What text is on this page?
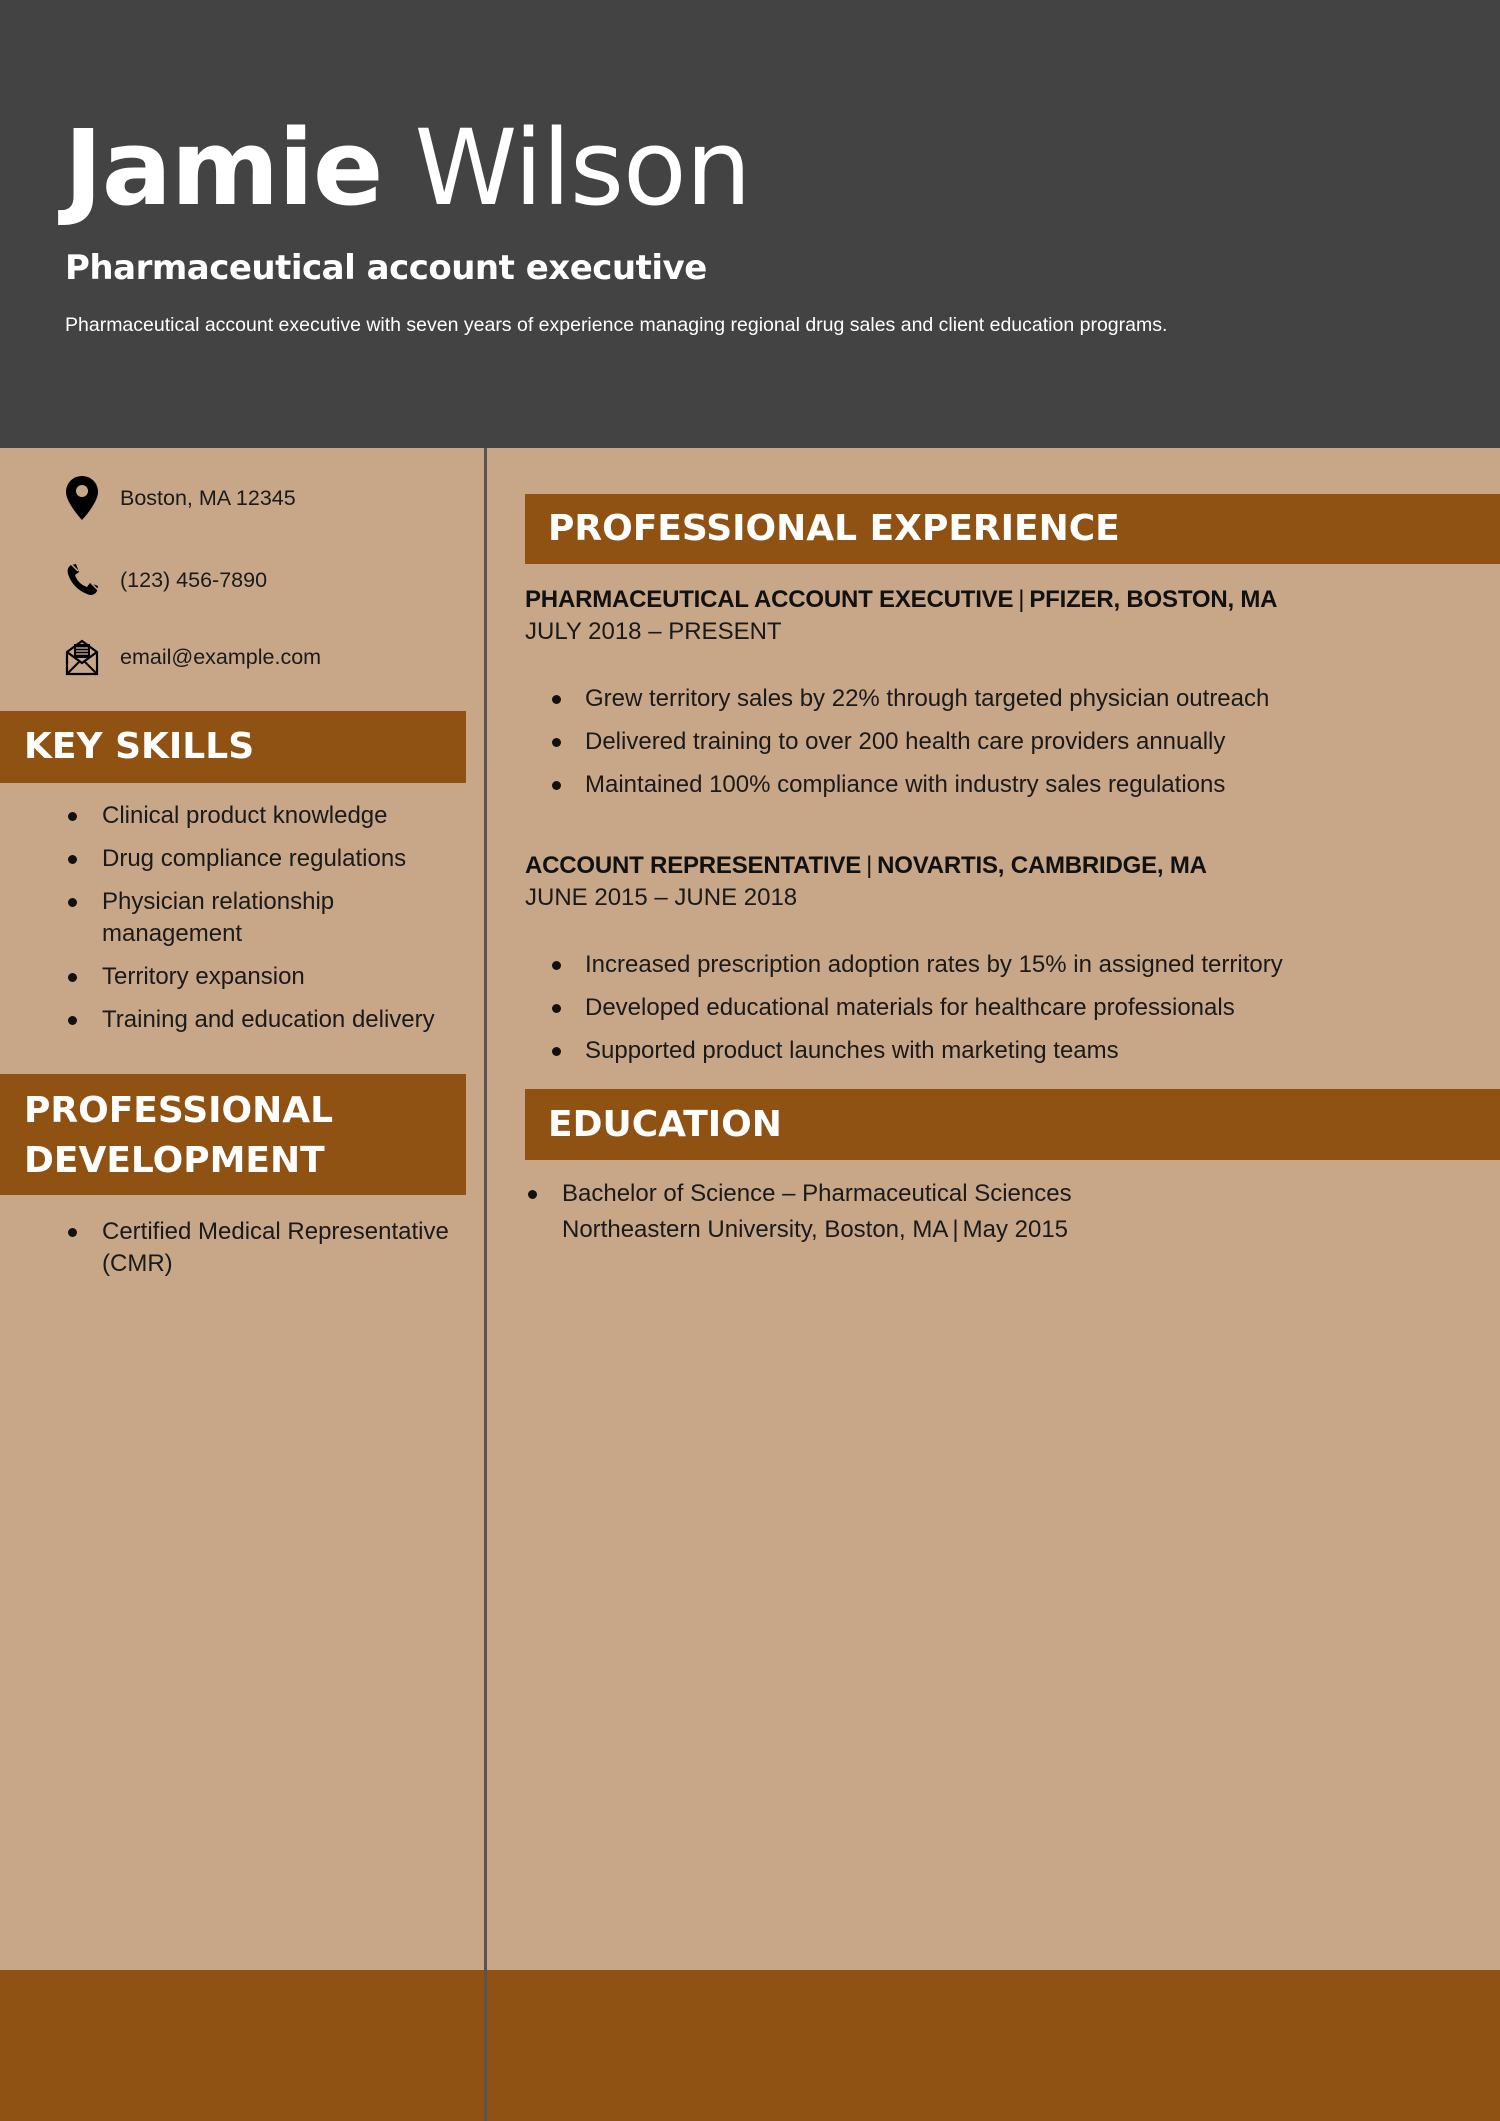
Jamie Wilson
Pharmaceutical account executive
Pharmaceutical account executive with seven years of experience managing regional drug sales and client education programs.
Boston, MA 12345
(123) 456-7890
email@example.com
KEY SKILLS
Clinical product knowledge
Drug compliance regulations
Physician relationship management
Territory expansion
Training and education delivery
PROFESSIONAL
DEVELOPMENT
Certified Medical Representative (CMR)
PROFESSIONAL EXPERIENCE
PHARMACEUTICAL ACCOUNT EXECUTIVE | PFIZER, BOSTON, MA
JULY 2018 – PRESENT
Grew territory sales by 22% through targeted physician outreach
Delivered training to over 200 health care providers annually
Maintained 100% compliance with industry sales regulations
ACCOUNT REPRESENTATIVE | NOVARTIS, CAMBRIDGE, MA
JUNE 2015 – JUNE 2018
Increased prescription adoption rates by 15% in assigned territory
Developed educational materials for healthcare professionals
Supported product launches with marketing teams
EDUCATION
Bachelor of Science – Pharmaceutical Sciences
Northeastern University, Boston, MA | May 2015
